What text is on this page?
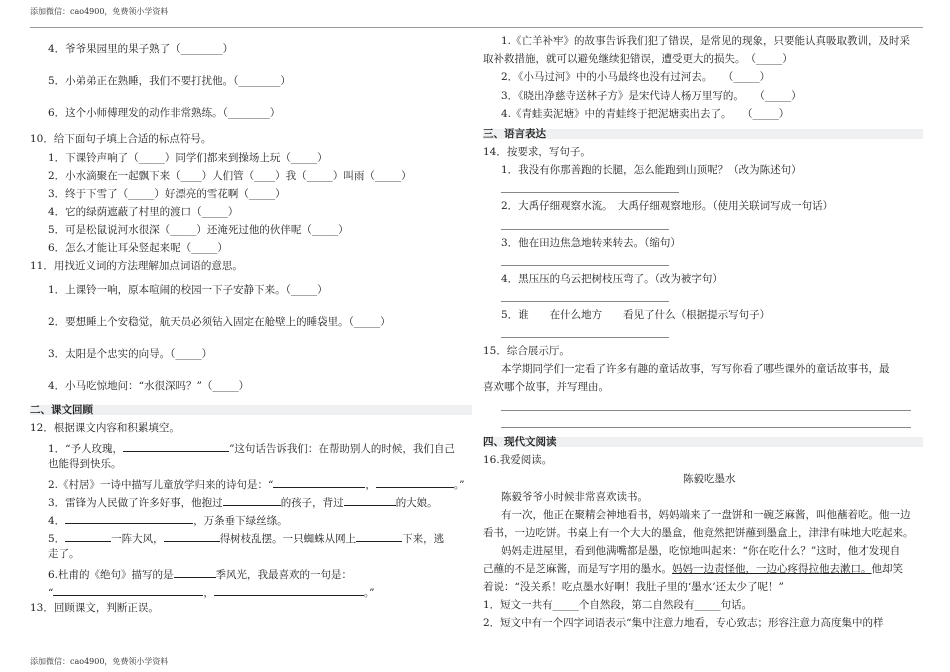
添加微信：cao4900，免费领小学资料
4．爷爷果园里的果子熟了（________）
5．小弟弟正在熟睡，我们不要打扰他。（________）
6．这个小师傅理发的动作非常熟练。（________）
10．给下面句子填上合适的标点符号。
1．下课铃声响了（_____）同学们都来到操场上玩（_____）
2．小水滴聚在一起飘下来（____）人们管（____）我（_____）叫雨（_____）
3．终于下雪了（_____）好漂亮的雪花啊（_____）
4．它的绿荫遮蔽了村里的渡口（_____）
5．可是松鼠说河水很深（_____）还淹死过他的伙伴呢（_____）
6．怎么才能让耳朵竖起来呢（_____）
11．用找近义词的方法理解加点词语的意思。
1．上课铃一响，原本喧闹的校园一下子安静下来。（_____）
2．要想睡上个安稳觉，航天员必须钻入固定在舱壁上的睡袋里。（_____）
3．太阳是个忠实的向导。（_____）
4．小马吃惊地问：“水很深吗？”（_____）
二、课文回顾
12．根据课文内容和积累填空。
1．“予人玫瑰，	”这句话告诉我们：在帮助别人的时候，我们自己
也能得到快乐。
2.《村居》一诗中描写儿童放学归来的诗句是：“	，	。”
3．雷锋为人民做了许多好事，他抱过	的孩子，背过	的大娘。
4．	，万条垂下绿丝绦。
5．	一阵大风，	得树枝乱摆。一只蜘蛛从网上	下来，逃
走了。
6.杜甫的《绝句》描写的是	季风光，我最喜欢的一句是：
“	，	。”
13．回顾课文，判断正误。
1.《亡羊补牢》的故事告诉我们犯了错误，是常见的现象，只要能认真吸取教训，及时采
取补救措施，就可以避免继续犯错误，遭受更大的损失。　（_____）
2．《小马过河》中的小马最终也没有过河去。　　（_____）
3．《晓出净慈寺送林子方》是宋代诗人杨万里写的。　　（_____）
4.《青蛙卖泥塘》中的青蛙终于把泥塘卖出去了。　　（_____）
三、语言表达
14．按要求，写句子。
1．我没有你那善跑的长腿，怎么能跑到山顶呢？（改为陈述句）
2．大禹仔细观察水流。　大禹仔细观察地形。（使用关联词写成一句话）
3．他在田边焦急地转来转去。（缩句）
4．黑压压的乌云把树枝压弯了。（改为被字句）
5．谁　　在什么地方　　看见了什么（根据提示写句子）
15．综合展示厅。
本学期同学们一定看了许多有趣的童话故事，写写你看了哪些课外的童话故事书，最
喜欢哪个故事，并写理由。
四、现代文阅读
16.我爱阅读。
陈毅吃墨水
陈毅爷爷小时候非常喜欢读书。
有一次，他正在聚精会神地看书，妈妈端来了一盘饼和一碗芝麻酱，叫他蘸着吃。他一边
看书，一边吃饼。书桌上有一个大大的墨盒，他竟然把饼蘸到墨盒上，津津有味地大吃起来。
妈妈走进屋里，看到他满嘴都是墨，吃惊地叫起来：“你在吃什么？”这时，他才发现自
己蘸的不是芝麻酱，而是写字用的墨水。妈妈一边责怪他，一边心疼得拉他去漱口。他却笑
着说：“没关系！吃点墨水好啊！我肚子里的‘墨水’还太少了呢！”
1．短文一共有_____个自然段，第二自然段有_____句话。
2．短文中有一个四字词语表示“集中注意力地看，专心致志；形容注意力高度集中的样
添加微信：cao4900，免费领小学资料
